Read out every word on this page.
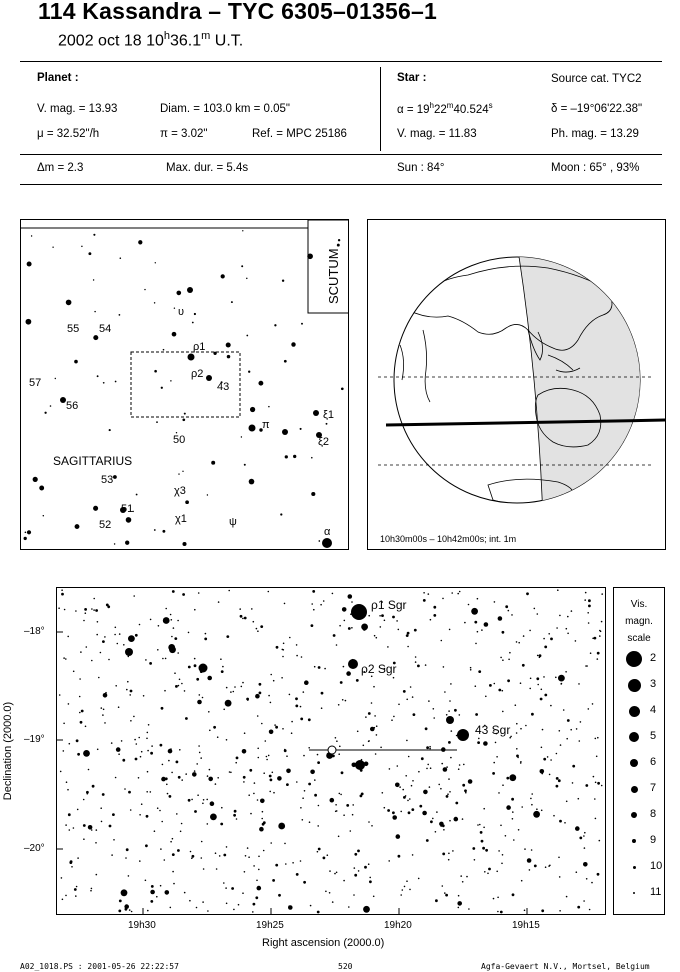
114 Kassandra – TYC 6305–01356–1
2002 oct 18 10$^h$36.1$^m$ U.T.
Planet :
V. mag. = 13.93	Diam. = 103.0 km = 0.05"
μ = 32.52"/h	π = 3.02"	Ref. = MPC 25186
Star :	Source cat. TYC2
$\alpha = 19^h22^m40.524^s$	δ = –19°06'22.38"
V. mag. = 11.83	Ph. mag. = 13.29
Δm = 2.3	Max. dur. = 5.4s	Sun : 84°	Moon : 65° , 93%
SCUTUM
SAGITTARIUS
υ
55 54
ρ1
ρ2
43
57
56
π
ξ1
ξ2
50
53
χ3
51
52	χ1	ψ
α
10h30m00s – 10h42m00s; int. 1m
ρ1 Sgr
ρ2 Sgr
43 Sgr
–18°
–19°
–20°
19h30	19h25	19h20	19h15
Right ascension (2000.0)
Declination (2000.0)
Vis.
magn.
scale
2
3
4
5
6
7
8
9
10
11
A02_1018.PS : 2001-05-26 22:22:57	520	Agfa-Gevaert N.V., Mortsel, Belgium
